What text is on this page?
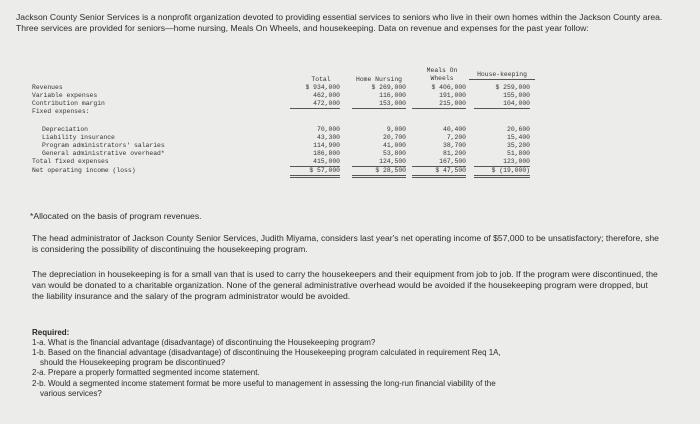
Jackson County Senior Services is a nonprofit organization devoted to providing essential services to seniors who live in their own homes within the Jackson County area. Three services are provided for seniors—home nursing, Meals On Wheels, and housekeeping. Data on revenue and expenses for the past year follow:
Total	Home Nursing
Meals On Wheels
House-keeping
Revenues
Variable expenses
Contribution margin
Fixed expenses:
Depreciation
Liability insurance
Program administrators' salaries
General administrative overhead*
Total fixed expenses
Net operating income (loss)
$ 934,000
462,000
472,000
70,000
43,300
114,900
186,800
415,000
$ 57,000
$ 269,000
116,000
153,000
9,000
20,700
41,000
53,800
124,500
$ 28,500
$ 406,000
191,000
215,000
40,400
7,200
38,700
81,200
167,500
$ 47,500
$ 259,000
155,000
104,000
20,600
15,400
35,200
51,800
123,000
$ (19,000)
*Allocated on the basis of program revenues.
The head administrator of Jackson County Senior Services, Judith Miyama, considers last year's net operating income of $57,000 to be unsatisfactory; therefore, she is considering the possibility of discontinuing the housekeeping program.
The depreciation in housekeeping is for a small van that is used to carry the housekeepers and their equipment from job to job. If the program were discontinued, the van would be donated to a charitable organization. None of the general administrative overhead would be avoided if the housekeeping program were dropped, but the liability insurance and the salary of the program administrator would be avoided.
Required:
1-a. What is the financial advantage (disadvantage) of discontinuing the Housekeeping program?
1-b. Based on the financial advantage (disadvantage) of discontinuing the Housekeeping program calculated in requirement Req 1A,
should the Housekeeping program be discontinued?
2-a. Prepare a properly formatted segmented income statement.
2-b. Would a segmented income statement format be more useful to management in assessing the long-run financial viability of the
various services?
